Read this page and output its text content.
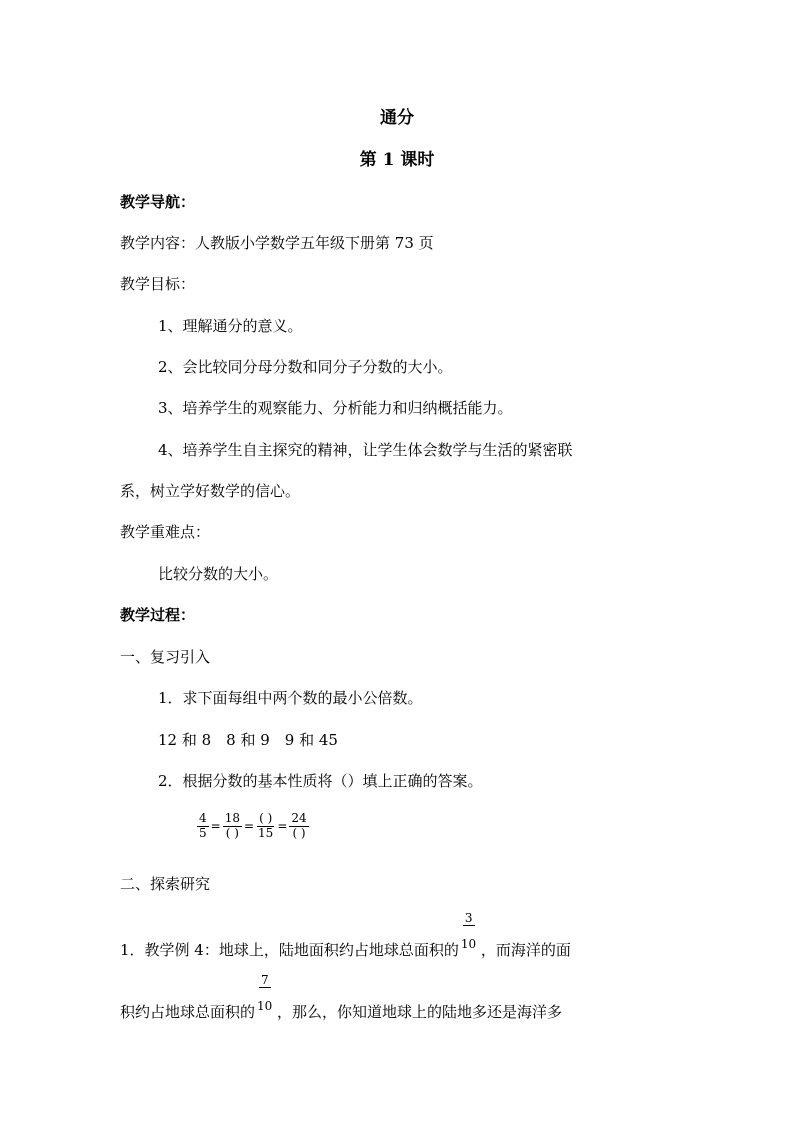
通分
第 1 课时
教学导航：
教学内容：人教版小学数学五年级下册第 73 页
教学目标：
1、理解通分的意义。
2、会比较同分母分数和同分子分数的大小。
3、培养学生的观察能力、分析能力和归纳概括能力。
4、培养学生自主探究的精神，让学生体会数学与生活的紧密联
系，树立学好数学的信心。
教学重难点：
比较分数的大小。
教学过程：
一、复习引入
1．求下面每组中两个数的最小公倍数。
12 和 8　8 和 9　9 和 45
2．根据分数的基本性质将（）填上正确的答案。
$\frac{4}{5} = \frac{18}{( )} = \frac{( )}{15} = \frac{24}{( )}$
二、探索研究
1．教学例 4：地球上，陆地面积约占地球总面积的 $\frac{3}{10}$ ，而海洋的面
积约占地球总面积的 $\frac{7}{10}$ ，那么，你知道地球上的陆地多还是海洋多
